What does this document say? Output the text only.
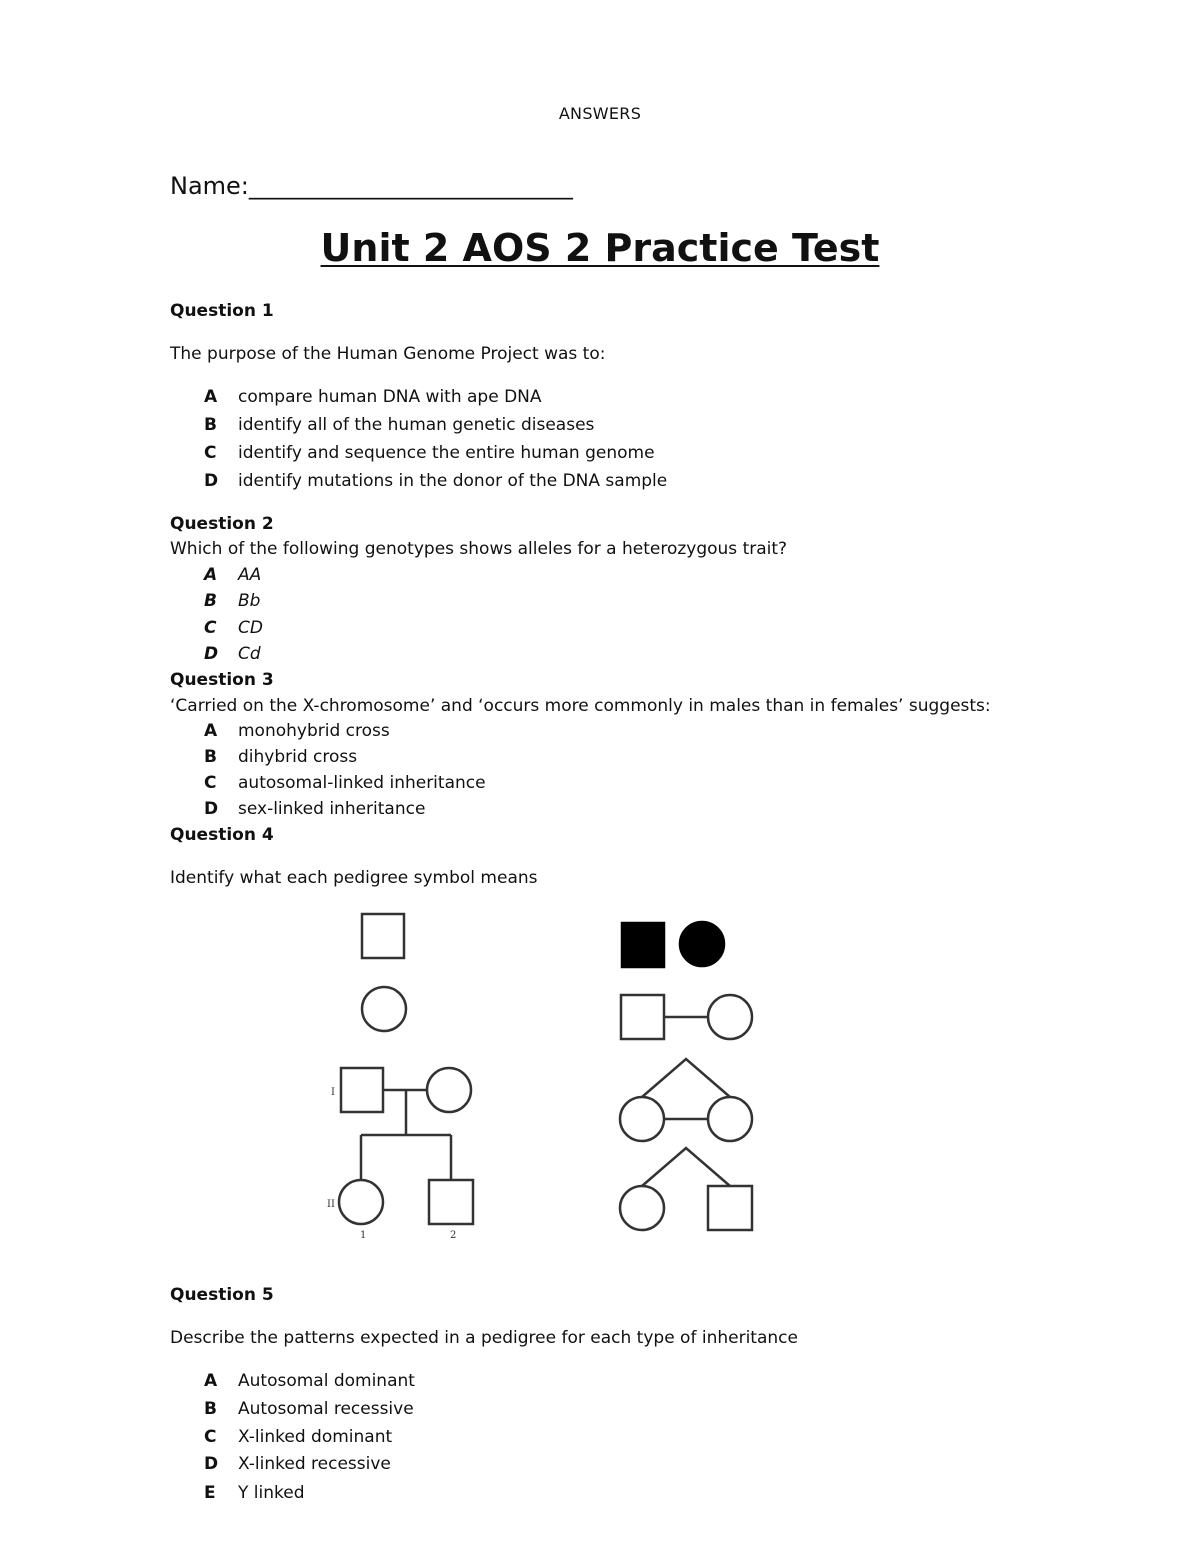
ANSWERS
Name:___________________________
Unit 2 AOS 2 Practice Test
Question 1
The purpose of the Human Genome Project was to:
A	compare human DNA with ape DNA
B	identify all of the human genetic diseases
C	identify and sequence the entire human genome
D	identify mutations in the donor of the DNA sample
Question 2
Which of the following genotypes shows alleles for a heterozygous trait?
A	AA
B	Bb
C	CD
D	Cd
Question 3
‘Carried on the X-chromosome’ and ‘occurs more commonly in males than in females’ suggests:
A	monohybrid cross
B	dihybrid cross
C	autosomal-linked inheritance
D	sex-linked inheritance
Question 4
Identify what each pedigree symbol means
I
II
1	2
Question 5
Describe the patterns expected in a pedigree for each type of inheritance
A	Autosomal dominant
B	Autosomal recessive
C	X-linked dominant
D	X-linked recessive
E	Y linked
